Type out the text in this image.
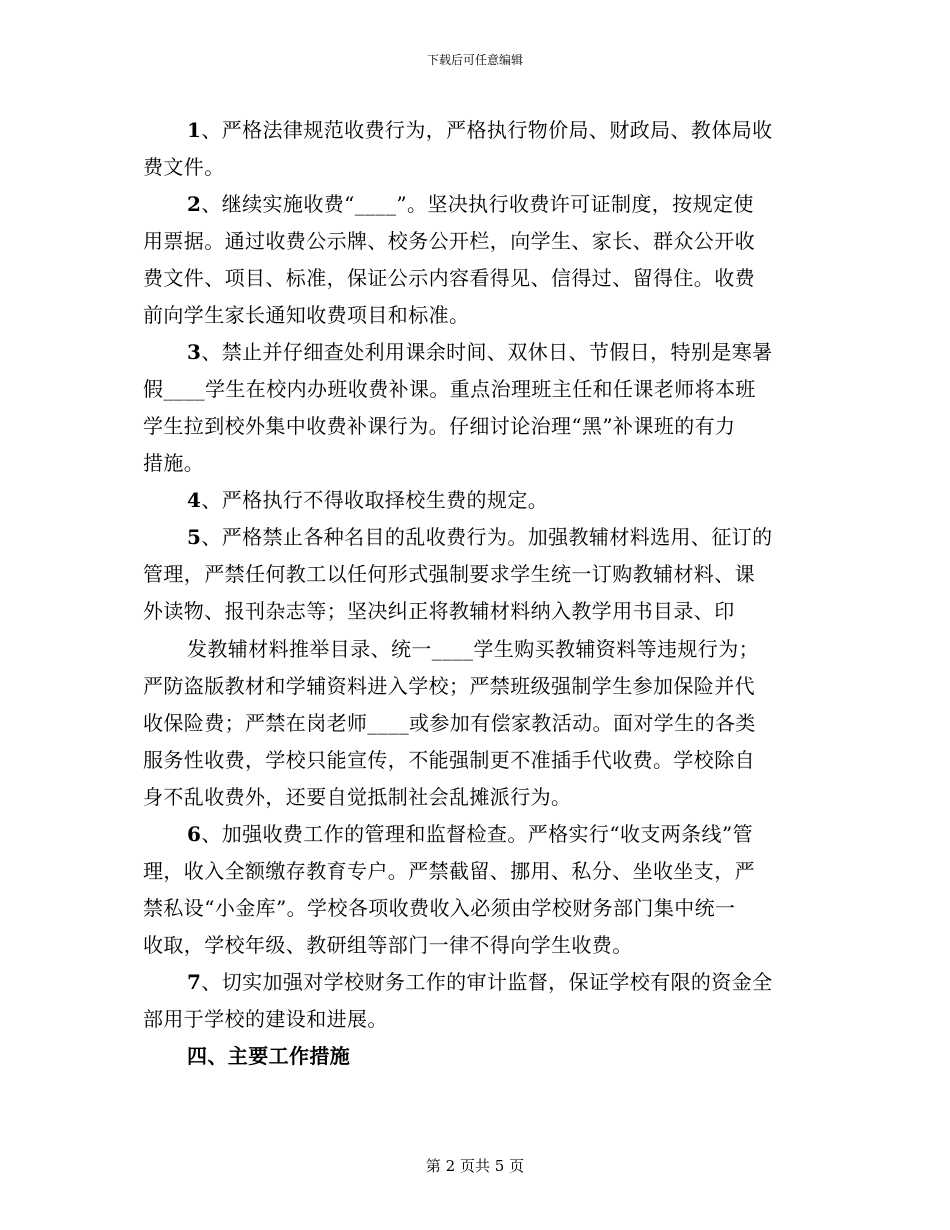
下载后可任意编辑
1、严格法律规范收费行为，严格执行物价局、财政局、教体局收
费文件。
2、继续实施收费“____”。坚决执行收费许可证制度，按规定使
用票据。通过收费公示牌、校务公开栏，向学生、家长、群众公开收
费文件、项目、标准，保证公示内容看得见、信得过、留得住。收费
前向学生家长通知收费项目和标准。
3、禁止并仔细查处利用课余时间、双休日、节假日，特别是寒暑
假____学生在校内办班收费补课。重点治理班主任和任课老师将本班
学生拉到校外集中收费补课行为。仔细讨论治理“黑”补课班的有力
措施。
4、严格执行不得收取择校生费的规定。
5、严格禁止各种名目的乱收费行为。加强教辅材料选用、征订的
管理，严禁任何教工以任何形式强制要求学生统一订购教辅材料、课
外读物、报刊杂志等；坚决纠正将教辅材料纳入教学用书目录、印
发教辅材料推举目录、统一____学生购买教辅资料等违规行为；
严防盗版教材和学辅资料进入学校；严禁班级强制学生参加保险并代
收保险费；严禁在岗老师____或参加有偿家教活动。面对学生的各类
服务性收费，学校只能宣传，不能强制更不准插手代收费。学校除自
身不乱收费外，还要自觉抵制社会乱摊派行为。
6、加强收费工作的管理和监督检查。严格实行“收支两条线”管
理，收入全额缴存教育专户。严禁截留、挪用、私分、坐收坐支，严
禁私设“小金库”。学校各项收费收入必须由学校财务部门集中统一
收取，学校年级、教研组等部门一律不得向学生收费。
7、切实加强对学校财务工作的审计监督，保证学校有限的资金全
部用于学校的建设和进展。
四、主要工作措施
第 2 页共 5 页
